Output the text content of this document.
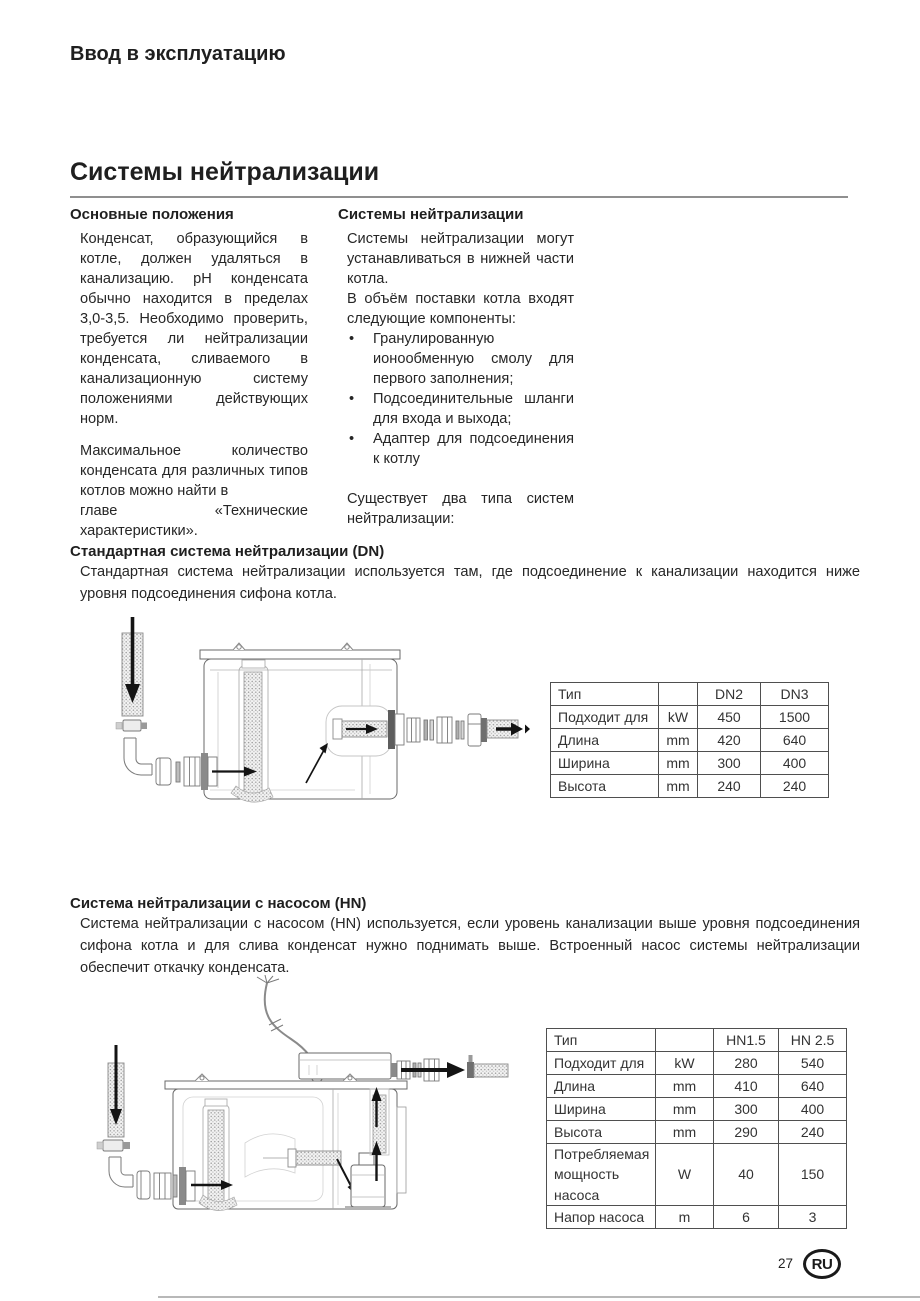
Ввод в эксплуатацию
Системы нейтрализации
Основные положения

Конденсат, образующийся в котле, должен удаляться в канализацию. pH конденсата обычно находится в пределах 3,0-3,5. Необходимо проверить, требуется ли нейтрализации конденсата, сливаемого в канализационную систему положениями действующих норм.

Максимальное количество конденсата для различных типов котлов можно найти в
главе «Технические характеристики».

Системы нейтрализации

Системы нейтрализации могут устанавливаться в нижней части котла.

В объём поставки котла входят следующие компоненты:

• Гранулированную ионообменную смолу для первого заполнения;
• Подсоединительные шланги для входа и выхода;
• Адаптер для подсоединения к котлу

Существует два типа систем нейтрализации:

Стандартная система нейтрализации (DN)
Стандартная система нейтрализации используется там, где подсоединение к канализации находится ниже уровня подсоединения сифона котла.
Тип		DN2	DN3
Подходит для	kW	450	1500
Длина	mm	420	640
Ширина	mm	300	400
Высота	mm	240	240
Система нейтрализации с насосом (HN)
Система нейтрализации с насосом (HN) используется, если уровень канализации выше уровня подсоединения сифона котла и для слива конденсат нужно поднимать выше. Встроенный насос системы нейтрализации обеспечит откачку конденсата.
Тип		HN1.5	HN 2.5
Подходит для	kW	280	540
Длина	mm	410	640
Ширина	mm	300	400
Высота	mm	290	240
Потребляемая мощность насоса	W	40	150
Напор насоса	m	6	3
27	RU
